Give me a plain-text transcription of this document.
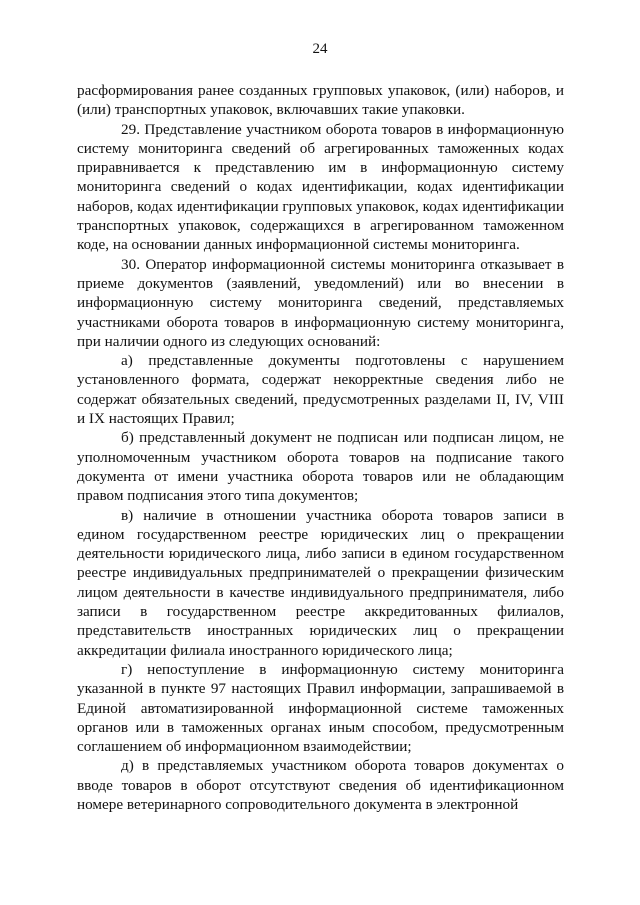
24

расформирования ранее созданных групповых упаковок, (или) наборов, и (или) транспортных упаковок, включавших такие упаковки.

29. Представление участником оборота товаров в информационную систему мониторинга сведений об агрегированных таможенных кодах приравнивается к представлению им в информационную систему мониторинга сведений о кодах идентификации, кодах идентификации наборов, кодах идентификации групповых упаковок, кодах идентификации транспортных упаковок, содержащихся в агрегированном таможенном коде, на основании данных информационной системы мониторинга.

30. Оператор информационной системы мониторинга отказывает в приеме документов (заявлений, уведомлений) или во внесении в информационную систему мониторинга сведений, представляемых участниками оборота товаров в информационную систему мониторинга, при наличии одного из следующих оснований:

а) представленные документы подготовлены с нарушением установленного формата, содержат некорректные сведения либо не содержат обязательных сведений, предусмотренных разделами II, IV, VIII и IX настоящих Правил;

б) представленный документ не подписан или подписан лицом, не уполномоченным участником оборота товаров на подписание такого документа от имени участника оборота товаров или не обладающим правом подписания этого типа документов;

в) наличие в отношении участника оборота товаров записи в едином государственном реестре юридических лиц о прекращении деятельности юридического лица, либо записи в едином государственном реестре индивидуальных предпринимателей о прекращении физическим лицом деятельности в качестве индивидуального предпринимателя, либо записи в государственном реестре аккредитованных филиалов, представительств иностранных юридических лиц о прекращении аккредитации филиала иностранного юридического лица;

г) непоступление в информационную систему мониторинга указанной в пункте 97 настоящих Правил информации, запрашиваемой в Единой автоматизированной информационной системе таможенных органов или в таможенных органах иным способом, предусмотренным соглашением об информационном взаимодействии;

д) в представляемых участником оборота товаров документах о вводе товаров в оборот отсутствуют сведения об идентификационном номере ветеринарного сопроводительного документа в электронной
